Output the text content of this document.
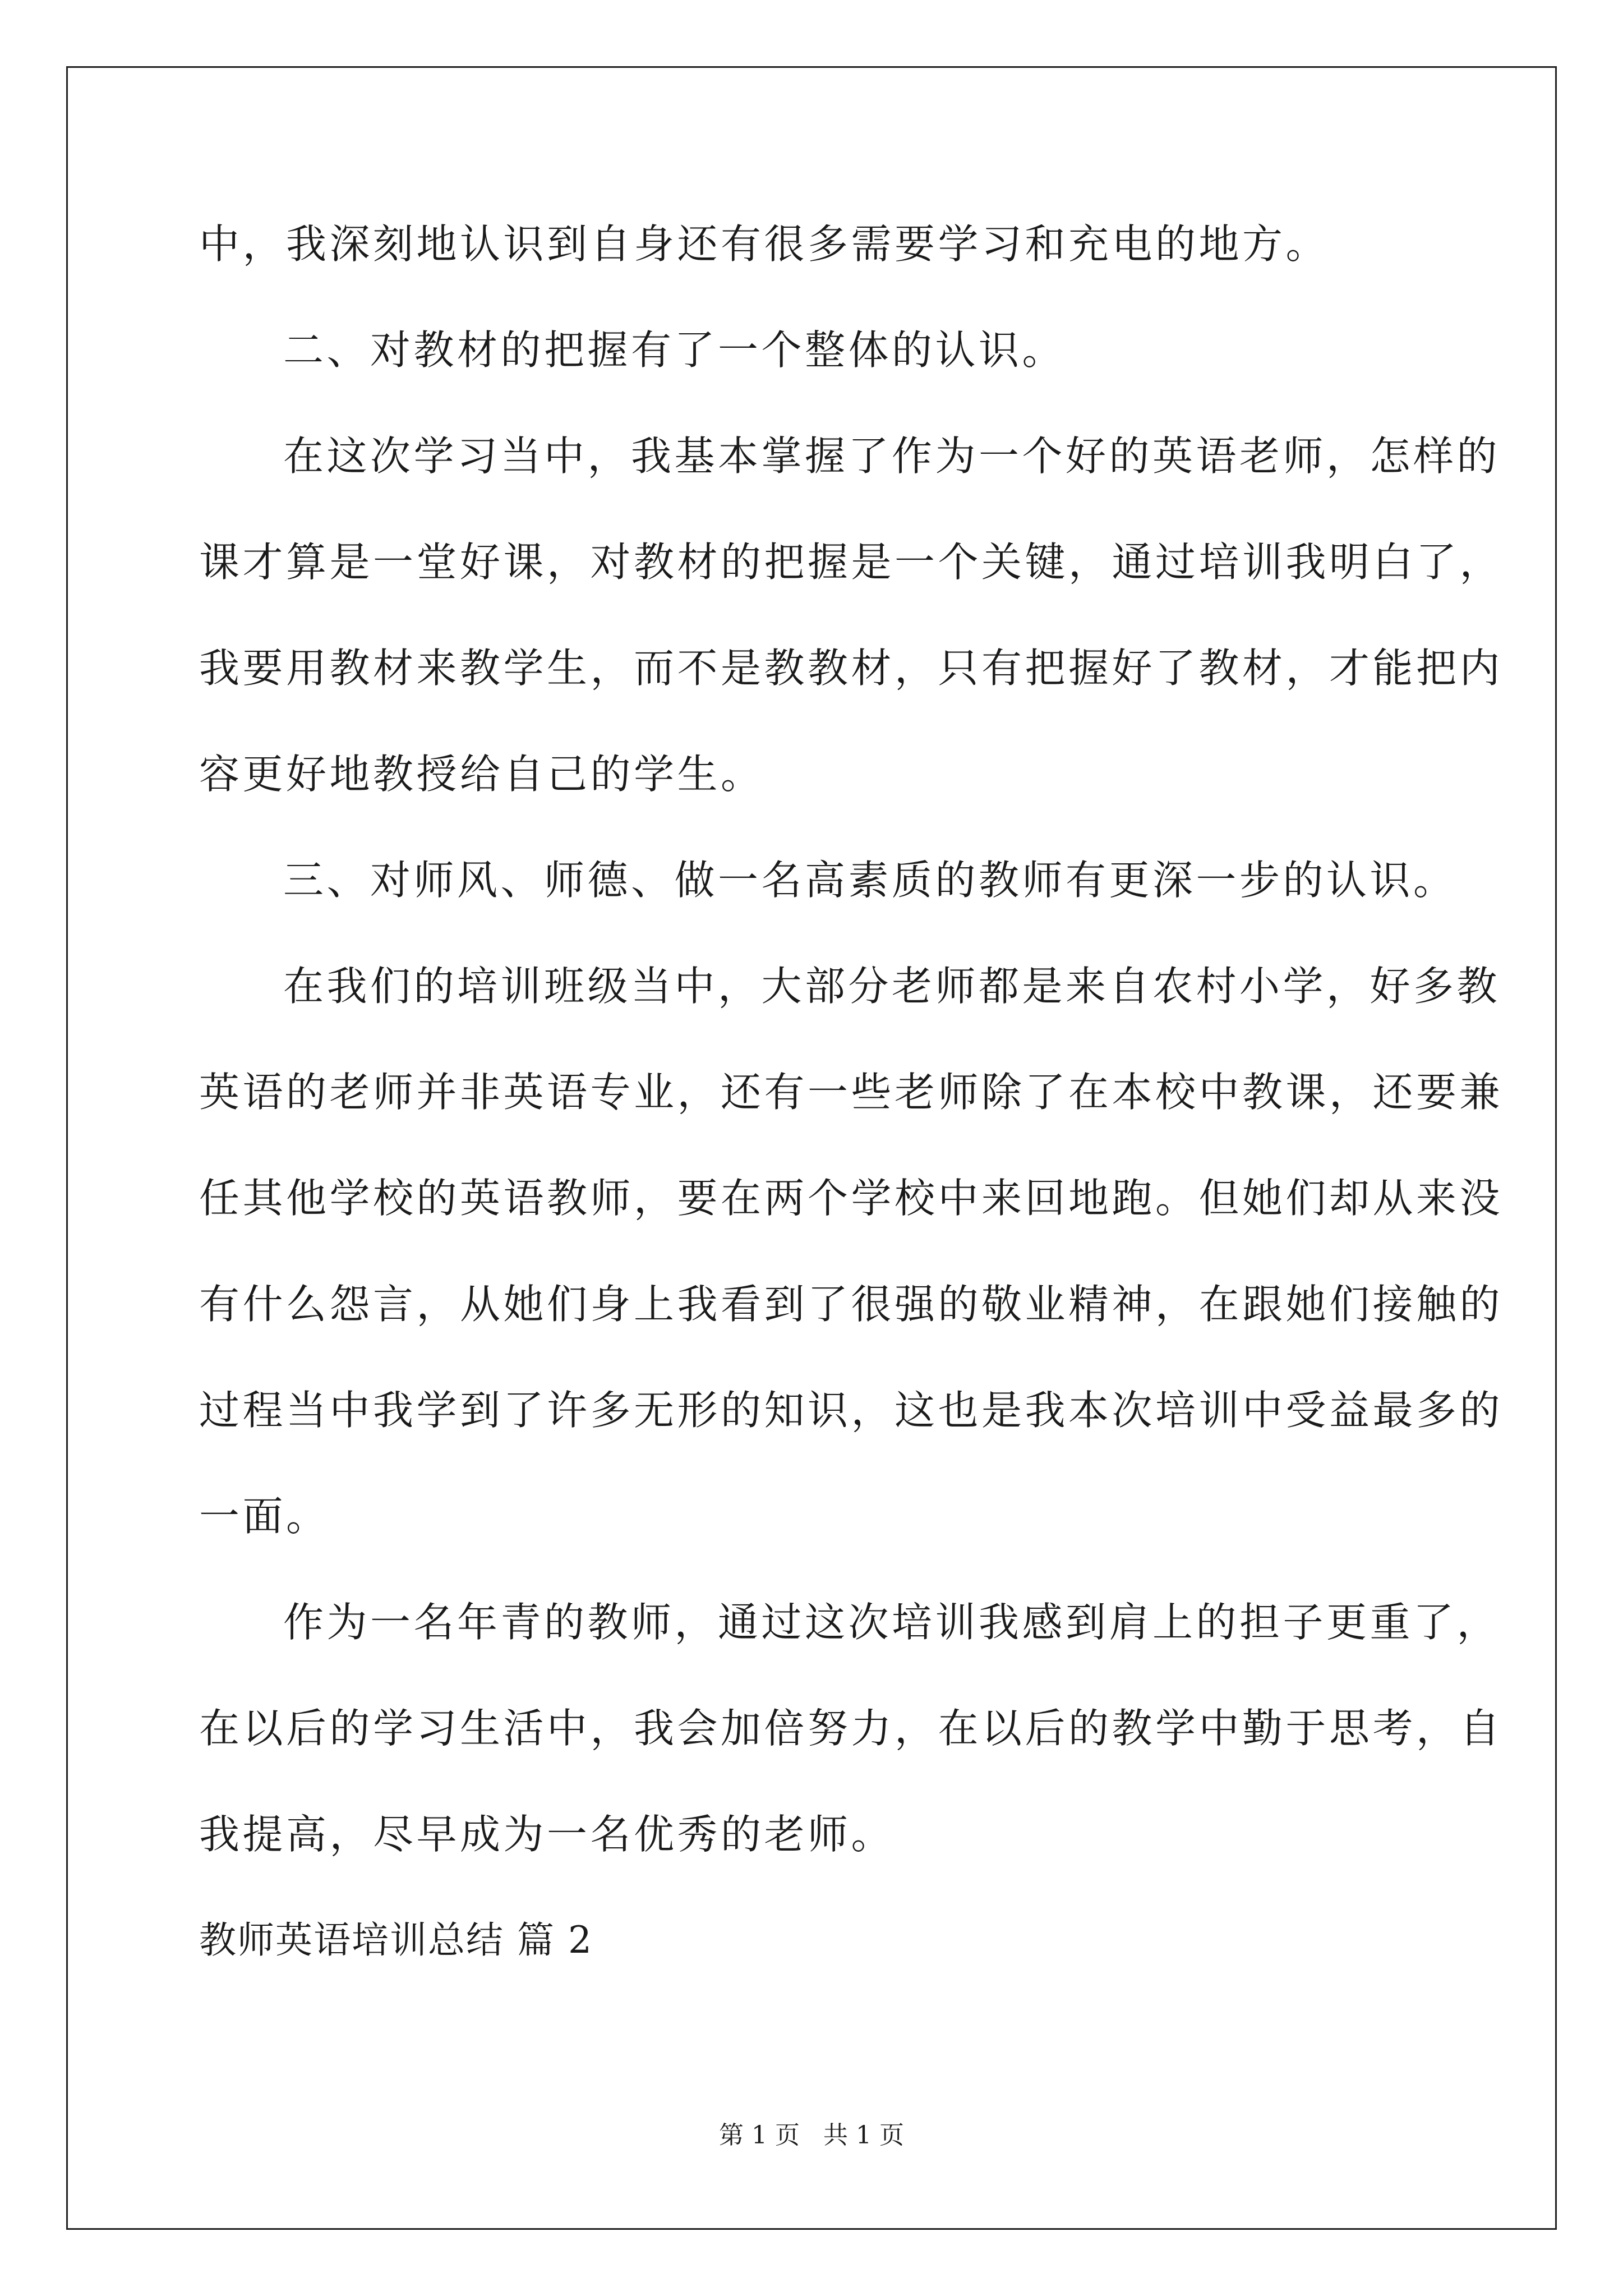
中，我深刻地认识到自身还有很多需要学习和充电的地方。
二、对教材的把握有了一个整体的认识。
在这次学习当中，我基本掌握了作为一个好的英语老师，怎样的
课才算是一堂好课，对教材的把握是一个关键，通过培训我明白了，
我要用教材来教学生，而不是教教材，只有把握好了教材，才能把内
容更好地教授给自己的学生。
三、对师风、师德、做一名高素质的教师有更深一步的认识。
在我们的培训班级当中，大部分老师都是来自农村小学，好多教
英语的老师并非英语专业，还有一些老师除了在本校中教课，还要兼
任其他学校的英语教师，要在两个学校中来回地跑。但她们却从来没
有什么怨言，从她们身上我看到了很强的敬业精神，在跟她们接触的
过程当中我学到了许多无形的知识，这也是我本次培训中受益最多的
一面。
作为一名年青的教师，通过这次培训我感到肩上的担子更重了，
在以后的学习生活中，我会加倍努力，在以后的教学中勤于思考，自
我提高，尽早成为一名优秀的老师。
教师英语培训总结 篇 2
第 1 页   共 1 页
